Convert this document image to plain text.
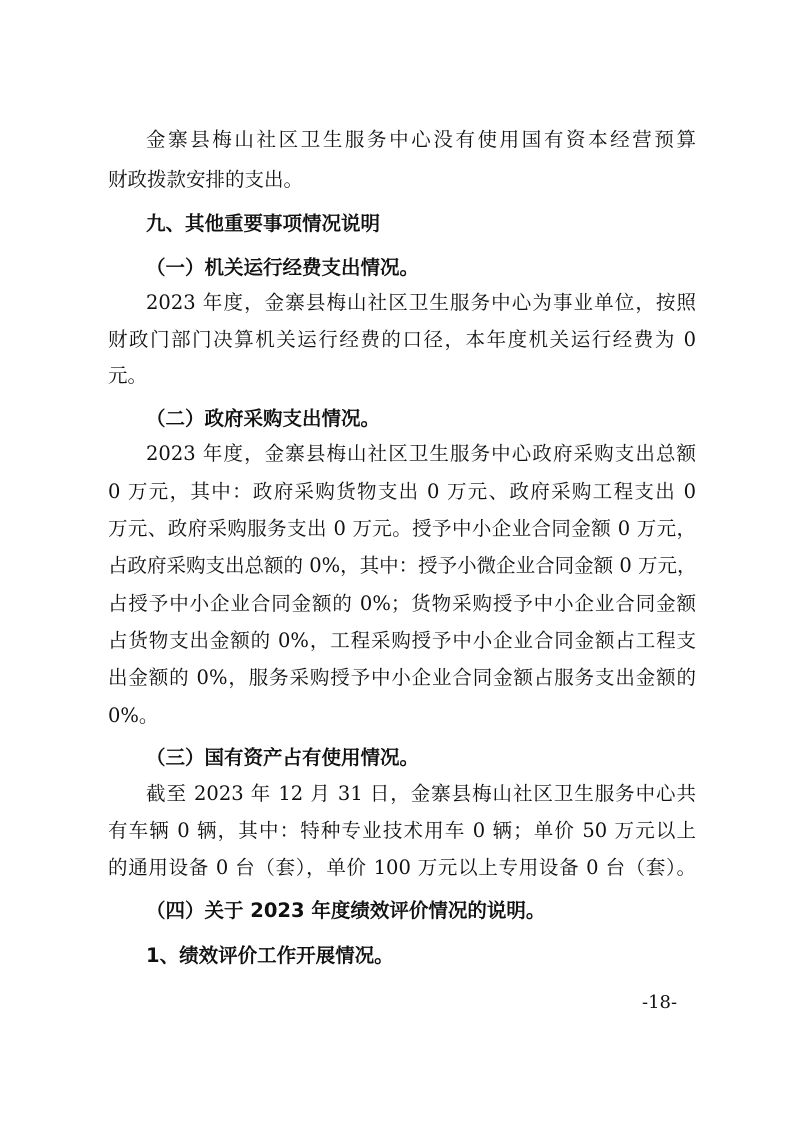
金寨县梅山社区卫生服务中心没有使用国有资本经营预算
财政拨款安排的支出。
九、其他重要事项情况说明
（一）机关运行经费支出情况。
2023 年度，金寨县梅山社区卫生服务中心为事业单位，按照
财政门部门决算机关运行经费的口径，本年度机关运行经费为 0
元。
（二）政府采购支出情况。
2023 年度，金寨县梅山社区卫生服务中心政府采购支出总额
0 万元，其中：政府采购货物支出 0 万元、政府采购工程支出 0
万元、政府采购服务支出 0 万元。授予中小企业合同金额 0 万元，
占政府采购支出总额的 0%，其中：授予小微企业合同金额 0 万元，
占授予中小企业合同金额的 0%；货物采购授予中小企业合同金额
占货物支出金额的 0%，工程采购授予中小企业合同金额占工程支
出金额的 0%，服务采购授予中小企业合同金额占服务支出金额的
0%。
（三）国有资产占有使用情况。
截至 2023 年 12 月 31 日，金寨县梅山社区卫生服务中心共
有车辆 0 辆，其中：特种专业技术用车 0 辆；单价 50 万元以上
的通用设备 0 台（套），单价 100 万元以上专用设备 0 台（套）。
（四）关于 2023 年度绩效评价情况的说明。
1、绩效评价工作开展情况。
-18-
